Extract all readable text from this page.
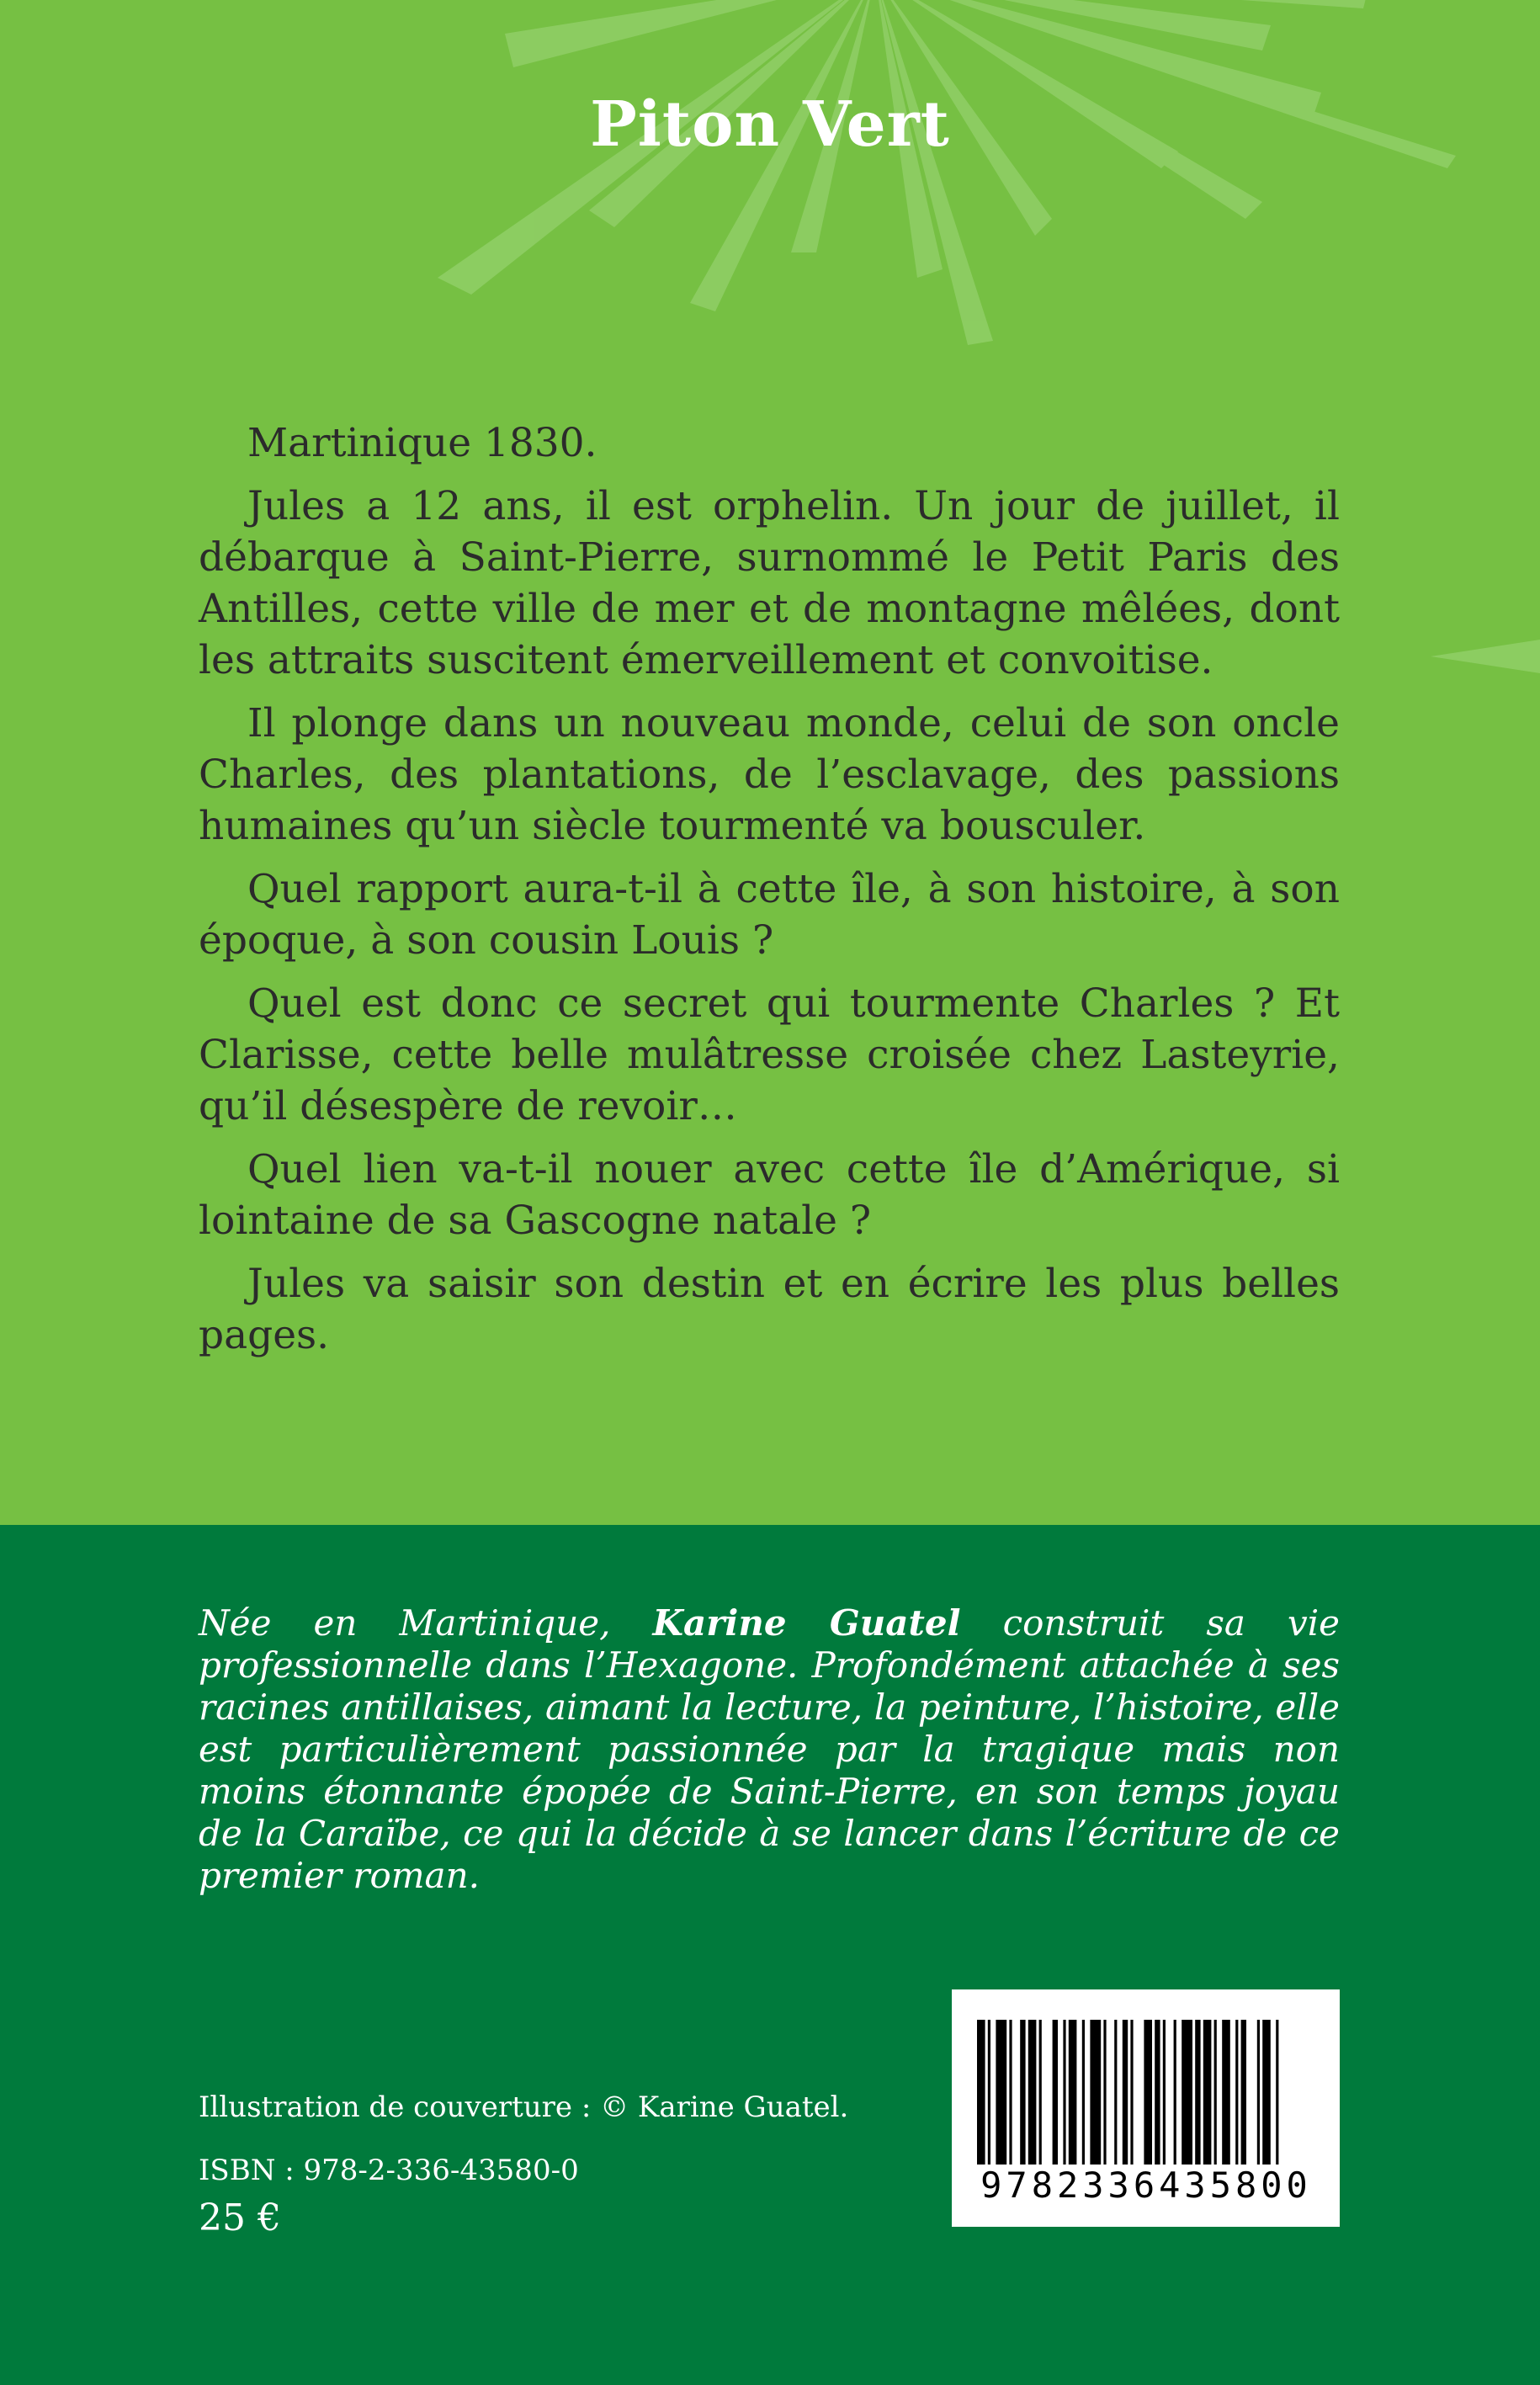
Piton Vert

Martinique 1830.

Jules a 12 ans, il est orphelin. Un jour de juillet, il débarque à Saint-Pierre, surnommé le Petit Paris des Antilles, cette ville de mer et de montagne mêlées, dont les attraits suscitent émerveillement et convoitise.

Il plonge dans un nouveau monde, celui de son oncle Charles, des plantations, de l’esclavage, des passions humaines qu’un siècle tourmenté va bousculer.

Quel rapport aura-t-il à cette île, à son histoire, à son époque, à son cousin Louis ?

Quel est donc ce secret qui tourmente Charles ? Et Clarisse, cette belle mulâtresse croisée chez Lasteyrie, qu’il désespère de revoir…

Quel lien va-t-il nouer avec cette île d’Amérique, si lointaine de sa Gascogne natale ?

Jules va saisir son destin et en écrire les plus belles pages.

Née en Martinique, Karine Guatel construit sa vie professionnelle dans l’Hexagone. Profondément attachée à ses racines antillaises, aimant la lecture, la peinture, l’histoire, elle est particulièrement passionnée par la tragique mais non moins étonnante épopée de Saint-Pierre, en son temps joyau de la Caraïbe, ce qui la décide à se lancer dans l’écriture de ce premier roman.

Illustration de couverture : © Karine Guatel.
ISBN : 978-2-336-43580-0
25 €
9782336435800
